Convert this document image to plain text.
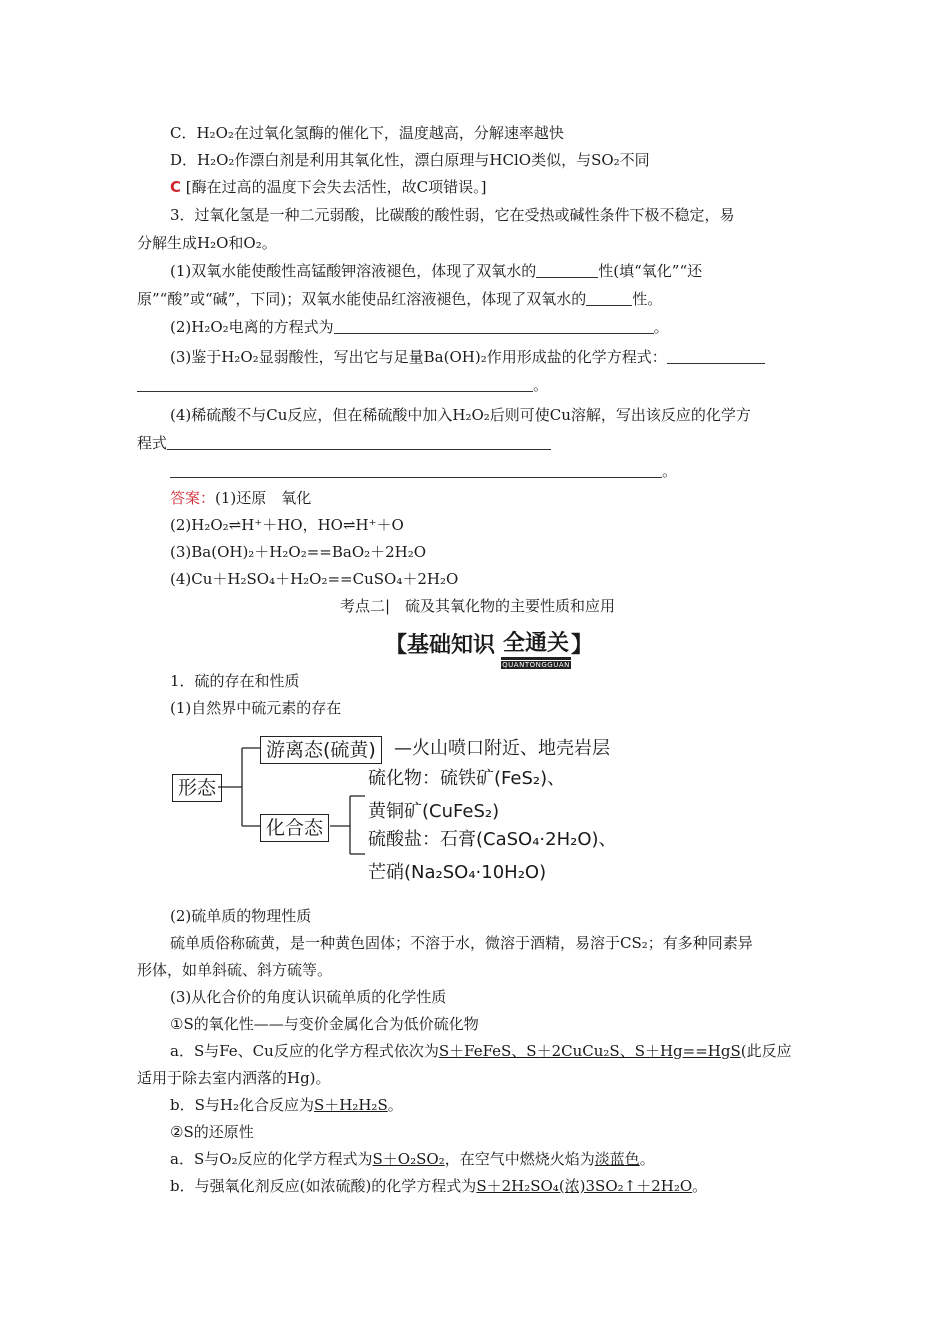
C．H₂O₂在过氧化氢酶的催化下，温度越高，分解速率越快
D．H₂O₂作漂白剂是利用其氧化性，漂白原理与HClO类似，与SO₂不同
C [酶在过高的温度下会失去活性，故C项错误。]
3．过氧化氢是一种二元弱酸，比碳酸的酸性弱，它在受热或碱性条件下极不稳定，易
分解生成H₂O和O₂。
(1)双氧水能使酸性高锰酸钾溶液褪色，体现了双氧水的	性(填“氧化”“还
原”“酸”或“碱”，下同)；双氧水能使品红溶液褪色，体现了双氧水的	性。
(2)H₂O₂电离的方程式为	。
(3)鉴于H₂O₂显弱酸性，写出它与足量Ba(OH)₂作用形成盐的化学方程式：
。
(4)稀硫酸不与Cu反应，但在稀硫酸中加入H₂O₂后则可使Cu溶解，写出该反应的化学方
程式
。
答案：(1)还原　氧化
(2)H₂O₂⇌H⁺＋HO，HO⇌H⁺＋O
(3)Ba(OH)₂＋H₂O₂==BaO₂＋2H₂O
(4)Cu＋H₂SO₄＋H₂O₂==CuSO₄＋2H₂O
考点二|　硫及其氧化物的主要性质和应用
【基础知识 全通关
QUANTONGGUAN
】
1．硫的存在和性质
(1)自然界中硫元素的存在
形态
游离态(硫黄)	—火山喷口附近、地壳岩层
化合态
硫化物：硫铁矿(FeS₂)、
黄铜矿(CuFeS₂)
硫酸盐：石膏(CaSO₄·2H₂O)、
芒硝(Na₂SO₄·10H₂O)
(2)硫单质的物理性质
硫单质俗称硫黄，是一种黄色固体；不溶于水，微溶于酒精，易溶于CS₂；有多种同素异
形体，如单斜硫、斜方硫等。
(3)从化合价的角度认识硫单质的化学性质
①S的氧化性——与变价金属化合为低价硫化物
a．S与Fe、Cu反应的化学方程式依次为S＋FeFeS、S＋2CuCu₂S、S＋Hg==HgS(此反应
适用于除去室内洒落的Hg)。
b．S与H₂化合反应为S＋H₂H₂S。
②S的还原性
a．S与O₂反应的化学方程式为S＋O₂SO₂，在空气中燃烧火焰为淡蓝色。
b．与强氧化剂反应(如浓硫酸)的化学方程式为S＋2H₂SO₄(浓)3SO₂↑＋2H₂O。
